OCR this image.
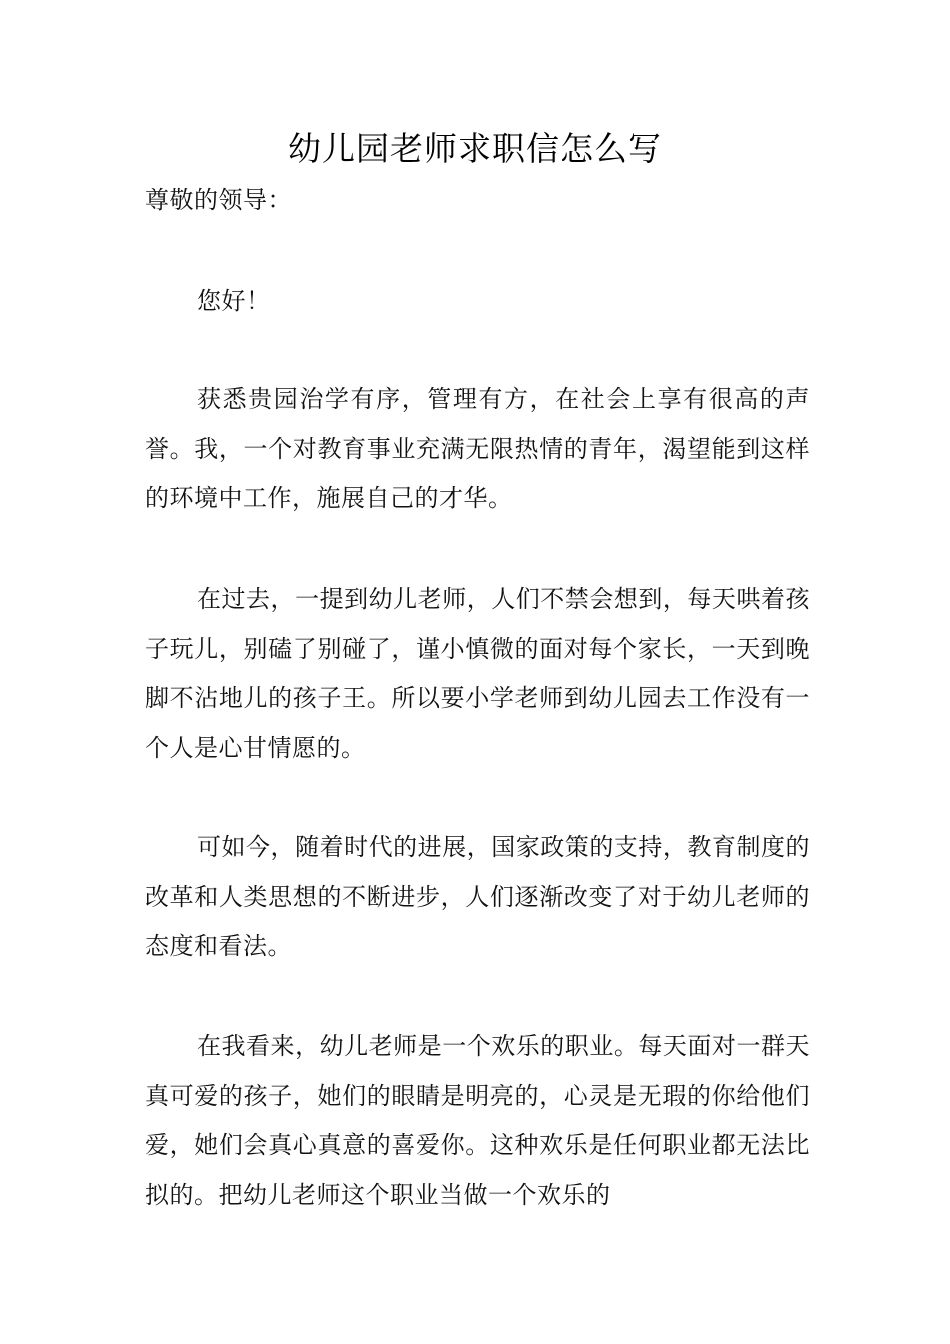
幼儿园老师求职信怎么写

尊敬的领导：

您好！

获悉贵园治学有序，管理有方，在社会上享有很高的声誉。我，一个对教育事业充满无限热情的青年，渴望能到这样的环境中工作，施展自己的才华。

在过去，一提到幼儿老师，人们不禁会想到，每天哄着孩子玩儿，别磕了别碰了，谨小慎微的面对每个家长，一天到晚脚不沾地儿的孩子王。所以要小学老师到幼儿园去工作没有一个人是心甘情愿的。

可如今，随着时代的进展，国家政策的支持，教育制度的改革和人类思想的不断进步，人们逐渐改变了对于幼儿老师的态度和看法。

在我看来，幼儿老师是一个欢乐的职业。每天面对一群天真可爱的孩子，她们的眼睛是明亮的，心灵是无瑕的你给他们爱，她们会真心真意的喜爱你。这种欢乐是任何职业都无法比拟的。把幼儿老师这个职业当做一个欢乐的
